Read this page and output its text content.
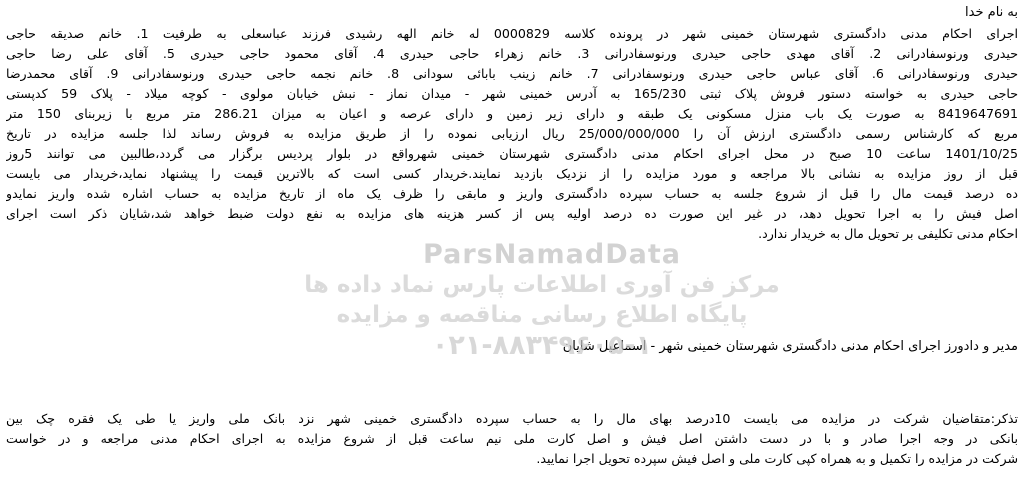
به نام خدا
اجرای احکام مدنی دادگستری شهرستان خمینی شهر در پرونده کلاسه 0000829 له خانم الهه رشیدی فرزند عباسعلی به طرفیت 1. خانم صدیقه حاجی
حیدری ورنوسفادرانی 2. آقای مهدی حاجی حیدری ورنوسفادرانی 3. خانم زهراء حاجی حیدری 4. آقای محمود حاجی حیدری 5. آقای علی رضا حاجی
حیدری ورنوسفادرانی 6. آقای عباس حاجی حیدری ورنوسفادرانی 7. خانم زینب بابائی سودانی 8. خانم نجمه حاجی حیدری ورنوسفادرانی 9. آقای محمدرضا
حاجی حیدری به خواسته دستور فروش پلاک ثبتی 165/230 به آدرس خمینی شهر - میدان نماز - نبش خیابان مولوی - کوچه میلاد - پلاک 59 کدپستی
8419647691 به صورت یک باب منزل مسکونی یک طبقه و دارای زیر زمین و دارای عرصه و اعیان به میزان 286.21 متر مربع با زیربنای 150 متر
مربع که کارشناس رسمی دادگستری ارزش آن را 25/000/000/000 ریال ارزیابی نموده را از طریق مزایده به فروش رساند لذا جلسه مزایده در تاریخ
1401/10/25 ساعت 10 صبح در محل اجرای احکام مدنی دادگستری شهرستان خمینی شهرواقع در بلوار پردیس برگزار می گردد،طالبین می توانند 5روز
قبل از روز مزایده به نشانی بالا مراجعه و مورد مزایده را از نزدیک بازدید نمایند.خریدار کسی است که بالاترین قیمت را پیشنهاد نماید،خریدار می بایست
ده درصد قیمت مال را قبل از شروع جلسه به حساب سپرده دادگستری واریز و مابقی را ظرف یک ماه از تاریخ مزایده به حساب اشاره شده واریز نمایدو
اصل فیش را به اجرا تحویل دهد، در غیر این صورت ده درصد اولیه پس از کسر هزینه های مزایده به نفع دولت ضبط خواهد شد،شایان ذکر است اجرای
احکام مدنی تکلیفی بر تحویل مال به خریدار ندارد.
مدیر و دادورز اجرای احکام مدنی دادگستری شهرستان خمینی شهر - اسماعیل شایان
تذکر:متقاضیان شرکت در مزایده می بایست 10درصد بهای مال را به حساب سپرده دادگستری خمینی شهر نزد بانک ملی واریز یا طی یک فقره چک بین
بانکی در وجه اجرا صادر و با در دست داشتن اصل فیش و اصل کارت ملی نیم ساعت قبل از شروع مزایده به اجرای احکام مدنی مراجعه و در خواست
شرکت در مزایده را تکمیل و به همراه کپی کارت ملی و اصل فیش سپرده تحویل اجرا نمایید.
ParsNamadData
مرکز فن آوری اطلاعات پارس نماد داده ها
پایگاه اطلاع رسانی مناقصه و مزایده
۰۲۱-۸۸۳۴۹۶۰۵-۱
